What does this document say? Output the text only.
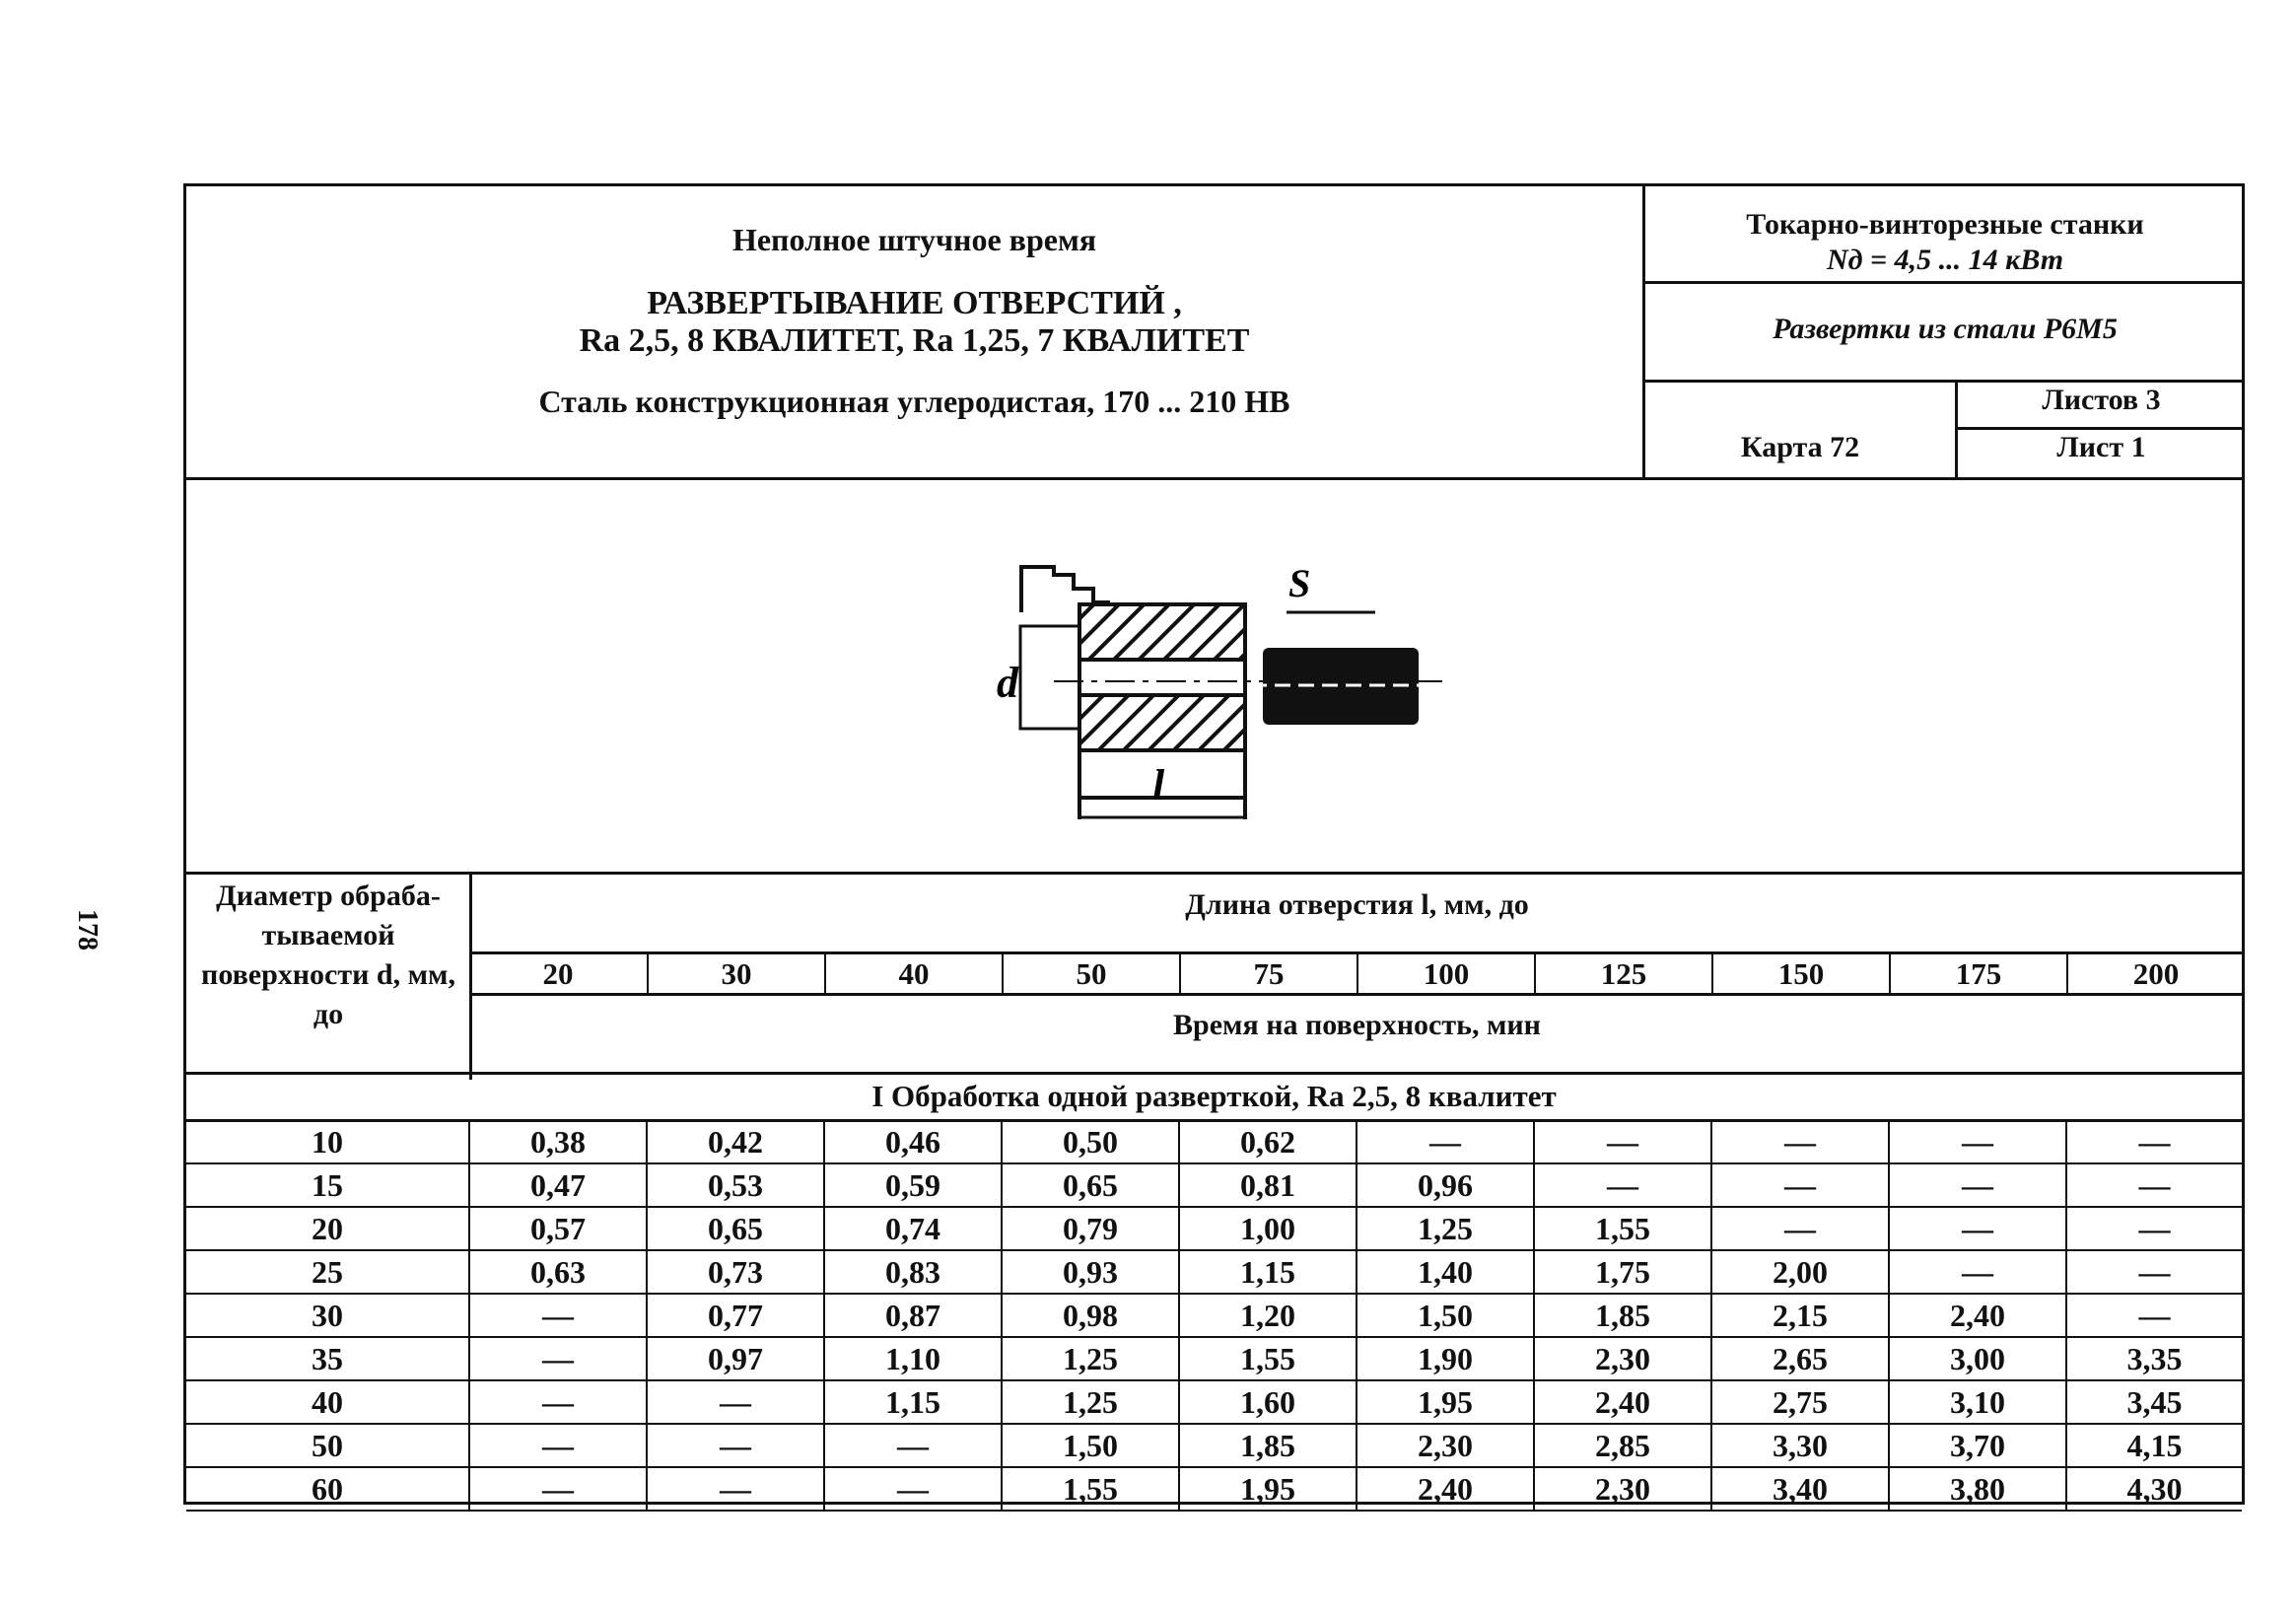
178
Неполное штучное время
РАЗВЕРТЫВАНИЕ ОТВЕРСТИЙ ,
Ra 2,5, 8 КВАЛИТЕТ, Ra 1,25, 7 КВАЛИТЕТ
Сталь конструкционная углеродистая, 170 ... 210 HB
Токарно-винторезные станки
Nд = 4,5 ... 14 кВт
Развертки из стали Р6М5
Карта 72
Листов 3
Лист 1
d
l
S
Диаметр обраба-тываемой поверхности d, мм, до
Длина отверстия l, мм, до
Время на поверхность, мин
20	30	40	50	75	100	125	150	175	200
I Обработка одной разверткой, Ra 2,5, 8 квалитет
10	0,38	0,42	0,46	0,50	0,62	—	—	—	—	—
15	0,47	0,53	0,59	0,65	0,81	0,96	—	—	—	—
20	0,57	0,65	0,74	0,79	1,00	1,25	1,55	—	—	—
25	0,63	0,73	0,83	0,93	1,15	1,40	1,75	2,00	—	—
30	—	0,77	0,87	0,98	1,20	1,50	1,85	2,15	2,40	—
35	—	0,97	1,10	1,25	1,55	1,90	2,30	2,65	3,00	3,35
40	—	—	1,15	1,25	1,60	1,95	2,40	2,75	3,10	3,45
50	—	—	—	1,50	1,85	2,30	2,85	3,30	3,70	4,15
60	—	—	—	1,55	1,95	2,40	2,30	3,40	3,80	4,30
